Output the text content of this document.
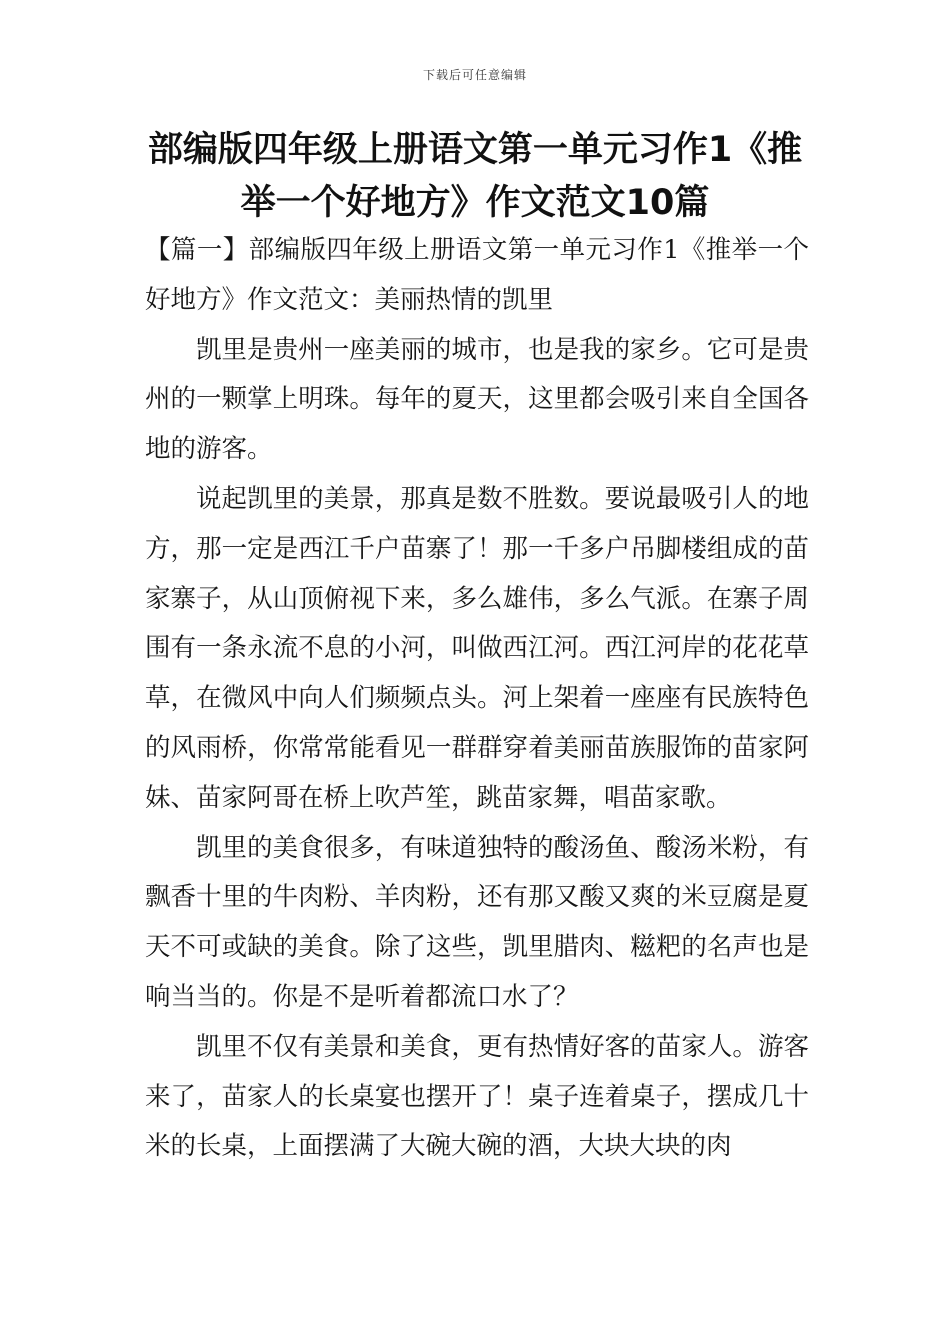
下载后可任意编辑
部编版四年级上册语文第一单元习作1《推举一个好地方》作文范文10篇

【篇一】部编版四年级上册语文第一单元习作1《推举一个好地方》作文范文：美丽热情的凯里

凯里是贵州一座美丽的城市，也是我的家乡。它可是贵州的一颗掌上明珠。每年的夏天，这里都会吸引来自全国各地的游客。

说起凯里的美景，那真是数不胜数。要说最吸引人的地方，那一定是西江千户苗寨了！那一千多户吊脚楼组成的苗家寨子，从山顶俯视下来，多么雄伟，多么气派。在寨子周围有一条永流不息的小河，叫做西江河。西江河岸的花花草草，在微风中向人们频频点头。河上架着一座座有民族特色的风雨桥，你常常能看见一群群穿着美丽苗族服饰的苗家阿妹、苗家阿哥在桥上吹芦笙，跳苗家舞，唱苗家歌。

凯里的美食很多，有味道独特的酸汤鱼、酸汤米粉，有飘香十里的牛肉粉、羊肉粉，还有那又酸又爽的米豆腐是夏天不可或缺的美食。除了这些，凯里腊肉、糍粑的名声也是响当当的。你是不是听着都流口水了？

凯里不仅有美景和美食，更有热情好客的苗家人。游客来了，苗家人的长桌宴也摆开了！桌子连着桌子，摆成几十米的长桌，上面摆满了大碗大碗的酒，大块大块的肉
